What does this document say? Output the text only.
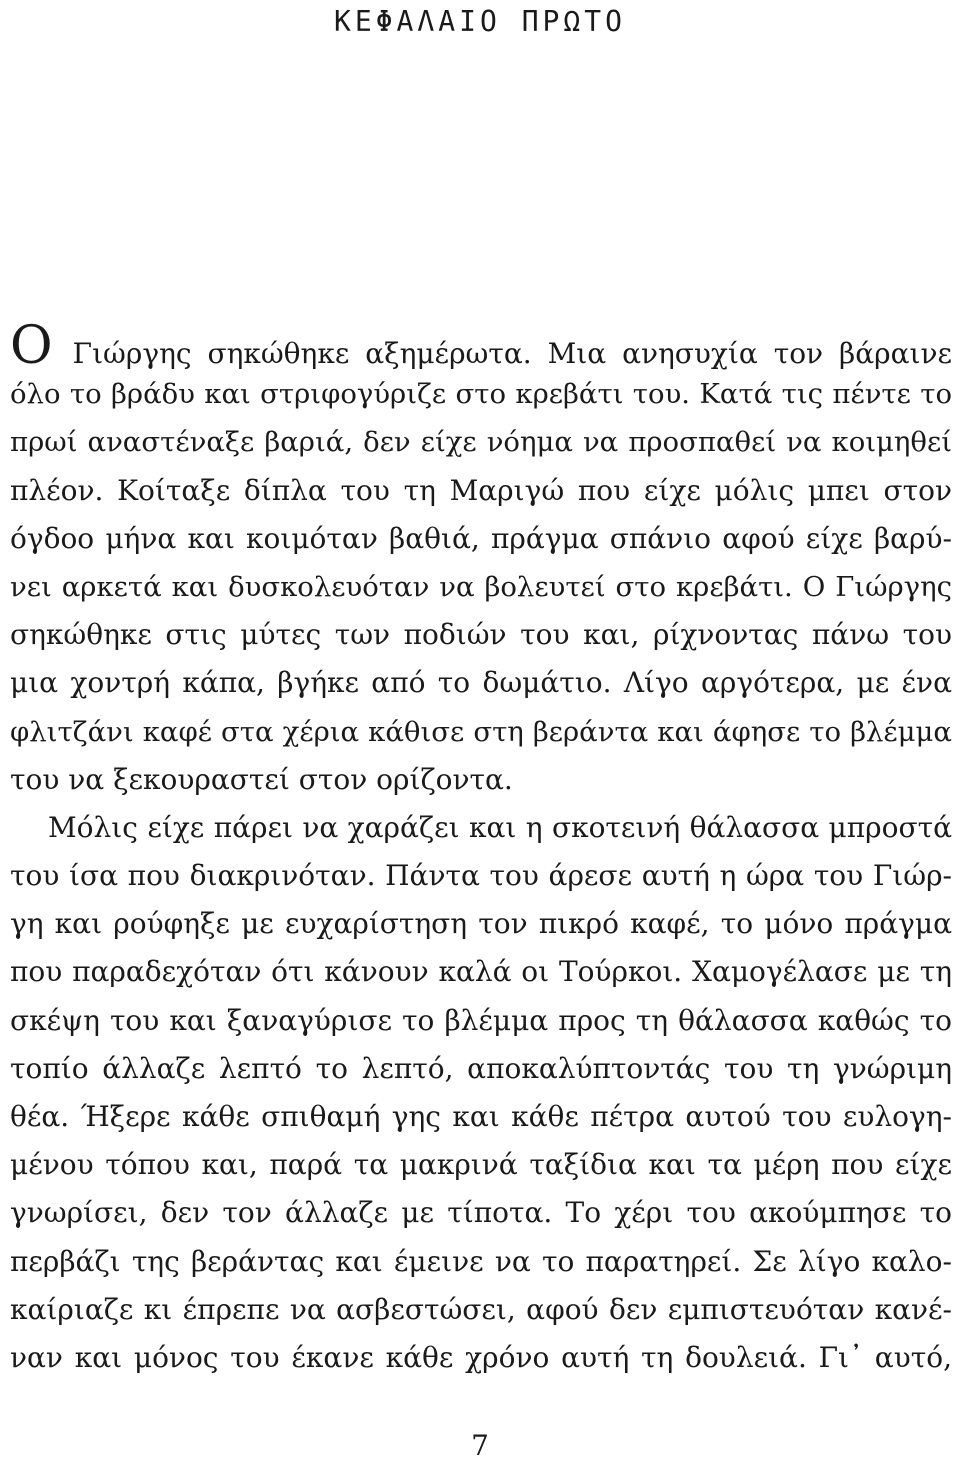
ΚΕΦΑΛΑΙΟ ΠΡΩΤΟ
Ο Γιώργης σηκώθηκε αξημέρωτα. Μια ανησυχία τον βάραινε
όλο το βράδυ και στριφογύριζε στο κρεβάτι του. Κατά τις πέντε το
πρωί αναστέναξε βαριά, δεν είχε νόημα να προσπαθεί να κοιμηθεί
πλέον. Κοίταξε δίπλα του τη Μαριγώ που είχε μόλις μπει στον
όγδοο μήνα και κοιμόταν βαθιά, πράγμα σπάνιο αφού είχε βαρύ-
νει αρκετά και δυσκολευόταν να βολευτεί στο κρεβάτι. Ο Γιώργης
σηκώθηκε στις μύτες των ποδιών του και, ρίχνοντας πάνω του
μια χοντρή κάπα, βγήκε από το δωμάτιο. Λίγο αργότερα, με ένα
φλιτζάνι καφέ στα χέρια κάθισε στη βεράντα και άφησε το βλέμμα
του να ξεκουραστεί στον ορίζοντα.
Μόλις είχε πάρει να χαράζει και η σκοτεινή θάλασσα μπροστά
του ίσα που διακρινόταν. Πάντα του άρεσε αυτή η ώρα του Γιώρ-
γη και ρούφηξε με ευχαρίστηση τον πικρό καφέ, το μόνο πράγμα
που παραδεχόταν ότι κάνουν καλά οι Τούρκοι. Χαμογέλασε με τη
σκέψη του και ξαναγύρισε το βλέμμα προς τη θάλασσα καθώς το
τοπίο άλλαζε λεπτό το λεπτό, αποκαλύπτοντάς του τη γνώριμη
θέα. Ήξερε κάθε σπιθαμή γης και κάθε πέτρα αυτού του ευλογη-
μένου τόπου και, παρά τα μακρινά ταξίδια και τα μέρη που είχε
γνωρίσει, δεν τον άλλαζε με τίποτα. Το χέρι του ακούμπησε το
περβάζι της βεράντας και έμεινε να το παρατηρεί. Σε λίγο καλο-
καίριαζε κι έπρεπε να ασβεστώσει, αφού δεν εμπιστευόταν κανέ-
ναν και μόνος του έκανε κάθε χρόνο αυτή τη δουλειά. Γι᾽ αυτό,
7
